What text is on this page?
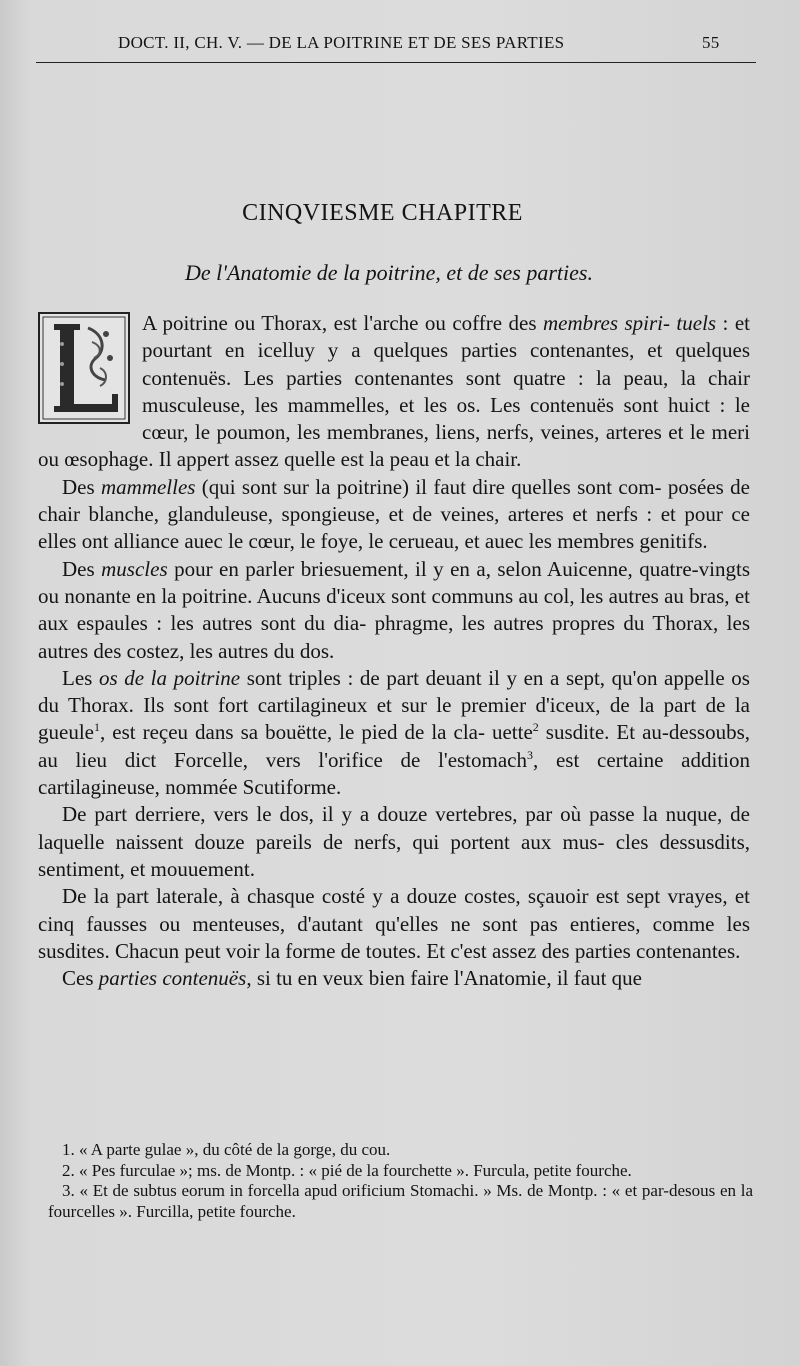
DOCT. II, CH. V. — DE LA POITRINE ET DE SES PARTIES	55
CINQVIESME CHAPITRE
De l'Anatomie de la poitrine, et de ses parties.

A poitrine ou Thorax, est l'arche ou coffre des membres spiri- tuels : et pourtant en icelluy y a quelques parties contenantes, et quelques contenuës. Les parties contenantes sont quatre : la peau, la chair musculeuse, les mammelles, et les os. Les contenuës sont huict : le cœur, le poumon, les membranes, liens, nerfs, veines, arteres et le meri ou œsophage. Il appert assez quelle est la peau et la chair.

Des mammelles (qui sont sur la poitrine) il faut dire quelles sont com- posées de chair blanche, glanduleuse, spongieuse, et de veines, arteres et nerfs : et pour ce elles ont alliance auec le cœur, le foye, le cerueau, et auec les membres genitifs.

Des muscles pour en parler briesuement, il y en a, selon Auicenne, quatre-vingts ou nonante en la poitrine. Aucuns d'iceux sont communs au col, les autres au bras, et aux espaules : les autres sont du dia- phragme, les autres propres du Thorax, les autres des costez, les autres du dos.

Les os de la poitrine sont triples : de part deuant il y en a sept, qu'on appelle os du Thorax. Ils sont fort cartilagineux et sur le premier d'iceux, de la part de la gueule$^1$, est reçeu dans sa bouëtte, le pied de la cla- uette$^2$ susdite. Et au-dessoubs, au lieu dict Forcelle, vers l'orifice de l'estomach$^3$, est certaine addition cartilagineuse, nommée Scutiforme.

De part derriere, vers le dos, il y a douze vertebres, par où passe la nuque, de laquelle naissent douze pareils de nerfs, qui portent aux mus- cles dessusdits, sentiment, et mouuement.

De la part laterale, à chasque costé y a douze costes, sçauoir est sept vrayes, et cinq fausses ou menteuses, d'autant qu'elles ne sont pas entieres, comme les susdites. Chacun peut voir la forme de toutes. Et c'est assez des parties contenantes.

Ces parties contenuës, si tu en veux bien faire l'Anatomie, il faut que

1. « A parte gulae », du côté de la gorge, du cou.

2. « Pes furculae »; ms. de Montp. : « pié de la fourchette ». Furcula, petite fourche.

3. « Et de subtus eorum in forcella apud orificium Stomachi. » Ms. de Montp. : « et par-desous en la fourcelles ». Furcilla, petite fourche.
